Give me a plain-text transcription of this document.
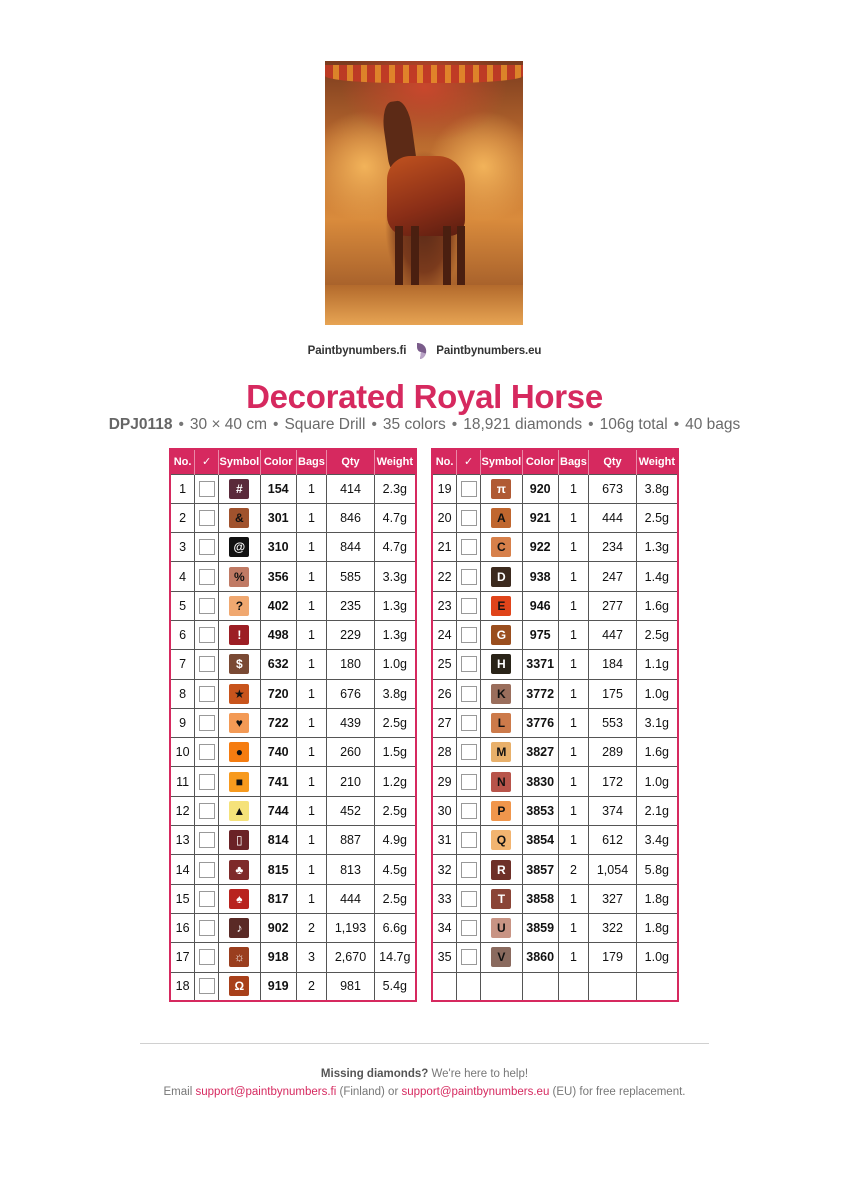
Paintbynumbers.fi	Paintbynumbers.eu
Decorated Royal Horse
DPJ0118 • 30 × 40 cm • Square Drill • 35 colors • 18,921 diamonds • 106g total • 40 bags
No.	✓	Symbol	Color	Bags	Qty	Weight
1		#	154	1	414	2.3g
2		&	301	1	846	4.7g
3		@	310	1	844	4.7g
4		%	356	1	585	3.3g
5		?	402	1	235	1.3g
6		!	498	1	229	1.3g
7		$	632	1	180	1.0g
8		★	720	1	676	3.8g
9		♥	722	1	439	2.5g
10		●	740	1	260	1.5g
11		■	741	1	210	1.2g
12		▲	744	1	452	2.5g
13		▯	814	1	887	4.9g
14		♣	815	1	813	4.5g
15		♠	817	1	444	2.5g
16		♪	902	2	1,193	6.6g
17		☼	918	3	2,670	14.7g
18		Ω	919	2	981	5.4g
No.	✓	Symbol	Color	Bags	Qty	Weight
19		π	920	1	673	3.8g
20		A	921	1	444	2.5g
21		C	922	1	234	1.3g
22		D	938	1	247	1.4g
23		E	946	1	277	1.6g
24		G	975	1	447	2.5g
25		H	3371	1	184	1.1g
26		K	3772	1	175	1.0g
27		L	3776	1	553	3.1g
28		M	3827	1	289	1.6g
29		N	3830	1	172	1.0g
30		P	3853	1	374	2.1g
31		Q	3854	1	612	3.4g
32		R	3857	2	1,054	5.8g
33		T	3858	1	327	1.8g
34		U	3859	1	322	1.8g
35		V	3860	1	179	1.0g

Missing diamonds? We're here to help!
Email support@paintbynumbers.fi (Finland) or support@paintbynumbers.eu (EU) for free replacement.
